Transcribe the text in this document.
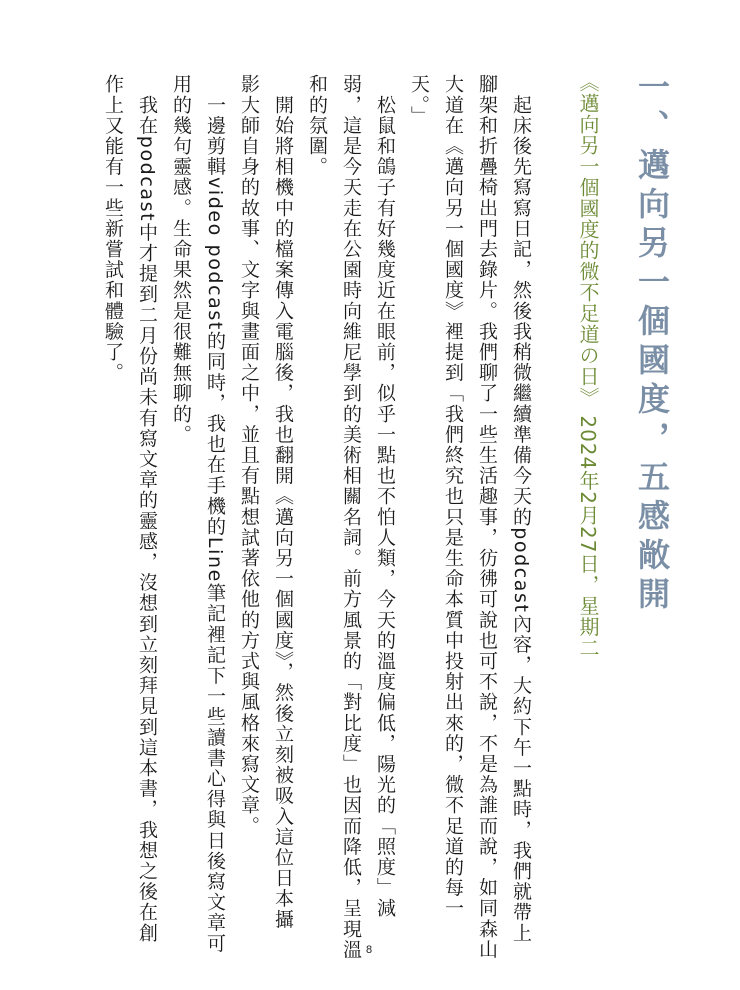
一、邁向另一個國度，五感敞開
《邁向另一個國度的微不足道の日》 2024年2月27日，星期二
　起床後先寫寫日記，然後我稍微繼續準備今天的podcast內容，大約下午一點時，我們就帶上
腳架和折疊椅出門去錄片。我們聊了一些生活趣事，彷彿可說也可不說，不是為誰而說，如同森山
大道在《邁向另一個國度》裡提到「我們終究也只是生命本質中投射出來的，微不足道的每一
天。」
　松鼠和鴿子有好幾度近在眼前，似乎一點也不怕人類，今天的溫度偏低，陽光的「照度」減
弱，這是今天走在公園時向維尼學到的美術相關名詞。前方風景的「對比度」也因而降低，呈現溫
和的氛圍。
　開始將相機中的檔案傳入電腦後，我也翻開《邁向另一個國度》，然後立刻被吸入這位日本攝
影大師自身的故事、文字與畫面之中，並且有點想試著依他的方式與風格來寫文章。
　一邊剪輯video podcast的同時，我也在手機的Line筆記裡記下一些讀書心得與日後寫文章可
用的幾句靈感。生命果然是很難無聊的。
　我在podcast中才提到二月份尚未有寫文章的靈感，沒想到立刻拜見到這本書，我想之後在創
作上又能有一些新嘗試和體驗了。
8
